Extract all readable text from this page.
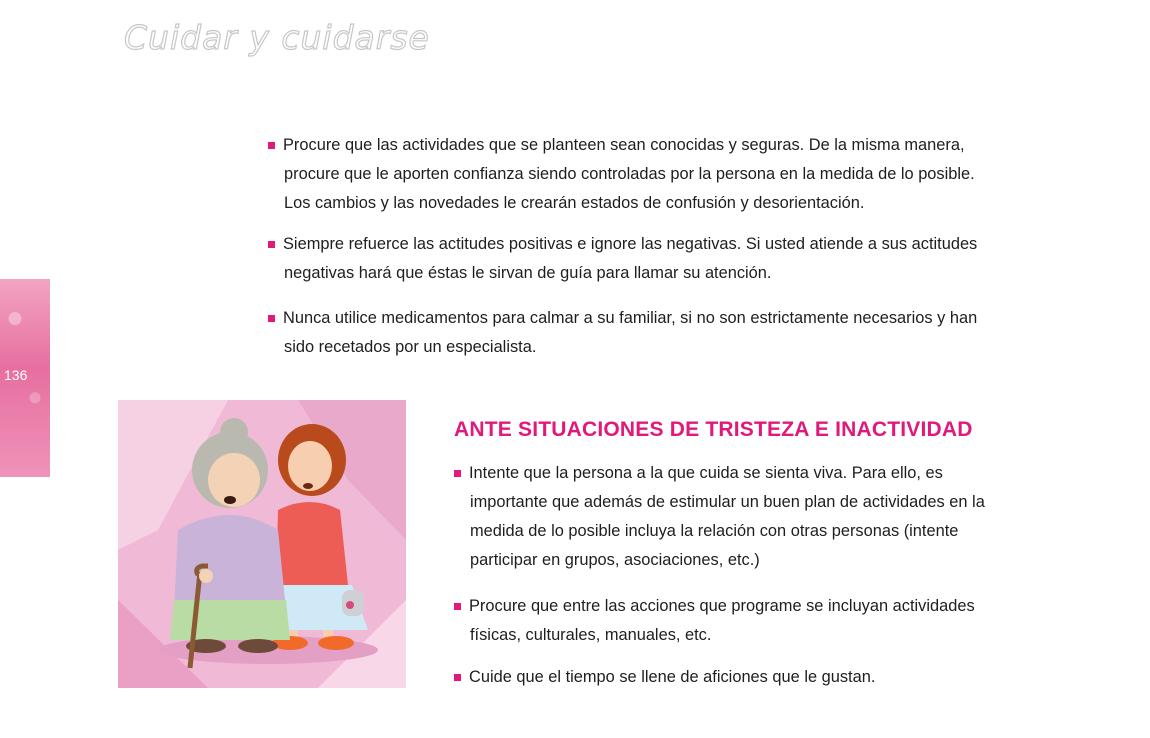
Cuidar y cuidarse
136

Procure que las actividades que se planteen sean conocidas y seguras. De la misma manera, procure que le aporten confianza siendo controladas por la persona en la medida de lo posible. Los cambios y las novedades le crearán estados de confusión y desorientación.

Siempre refuerce las actitudes positivas e ignore las negativas. Si usted atiende a sus actitudes negativas hará que éstas le sirvan de guía para llamar su atención.

Nunca utilice medicamentos para calmar a su familiar, si no son estrictamente necesarios y han sido recetados por un especialista.

ANTE SITUACIONES DE TRISTEZA E INACTIVIDAD

Intente que la persona a la que cuida se sienta viva. Para ello, es importante que además de estimular un buen plan de actividades en la medida de lo posible incluya la relación con otras personas (intente participar en grupos, asociaciones, etc.)

Procure que entre las acciones que programe se incluyan actividades físicas, culturales, manuales, etc.

Cuide que el tiempo se llene de aficiones que le gustan.
